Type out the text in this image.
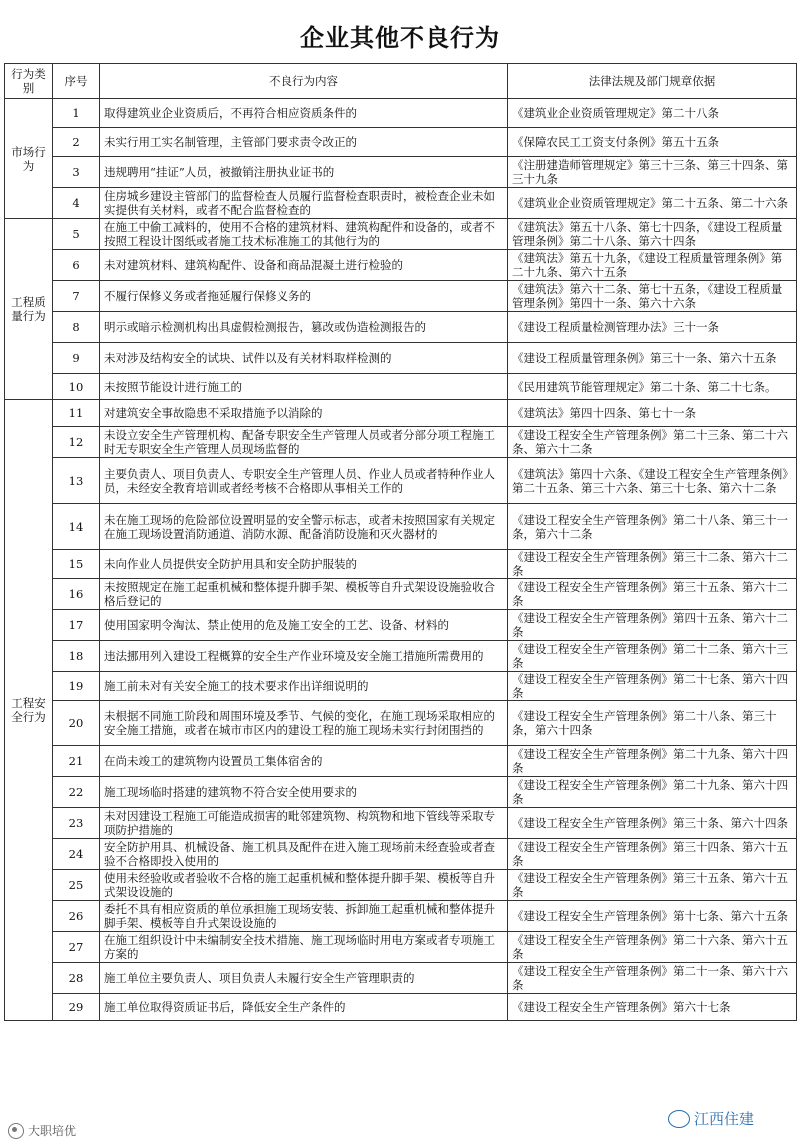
企业其他不良行为
行为类别	序号	不良行为内容	法律法规及部门规章依据
市场行为	1	取得建筑业企业资质后，不再符合相应资质条件的	《建筑业企业资质管理规定》第二十八条
	2	未实行用工实名制管理，主管部门要求责令改正的	《保障农民工工资支付条例》第五十五条
	3	违规聘用“挂证”人员，被撤销注册执业证书的	《注册建造师管理规定》第三十三条、第三十四条、第三十九条
	4	住房城乡建设主管部门的监督检查人员履行监督检查职责时，被检查企业未如实提供有关材料，或者不配合监督检查的	《建筑业企业资质管理规定》第二十五条、第二十六条
工程质量行为	5	在施工中偷工减料的，使用不合格的建筑材料、建筑构配件和设备的，或者不按照工程设计图纸或者施工技术标准施工的其他行为的	《建筑法》第五十八条、第七十四条，《建设工程质量管理条例》第二十八条、第六十四条
	6	未对建筑材料、建筑构配件、设备和商品混凝土进行检验的	《建筑法》第五十九条，《建设工程质量管理条例》第二十九条、第六十五条
	7	不履行保修义务或者拖延履行保修义务的	《建筑法》第六十二条、第七十五条，《建设工程质量管理条例》第四十一条、第六十六条
	8	明示或暗示检测机构出具虚假检测报告，篡改或伪造检测报告的	《建设工程质量检测管理办法》三十一条
	9	未对涉及结构安全的试块、试件以及有关材料取样检测的	《建设工程质量管理条例》第三十一条、第六十五条
	10	未按照节能设计进行施工的	《民用建筑节能管理规定》第二十条、第二十七条。
工程安全行为	11	对建筑安全事故隐患不采取措施予以消除的	《建筑法》第四十四条、第七十一条
	12	未设立安全生产管理机构、配备专职安全生产管理人员或者分部分项工程施工时无专职安全生产管理人员现场监督的	《建设工程安全生产管理条例》第二十三条、第二十六条、第六十二条
	13	主要负责人、项目负责人、专职安全生产管理人员、作业人员或者特种作业人员，未经安全教育培训或者经考核不合格即从事相关工作的	《建筑法》第四十六条、《建设工程安全生产管理条例》第二十五条、第三十六条、第三十七条、第六十二条
	14	未在施工现场的危险部位设置明显的安全警示标志，或者未按照国家有关规定在施工现场设置消防通道、消防水源、配备消防设施和灭火器材的	《建设工程安全生产管理条例》第二十八条、第三十一条，第六十二条
	15	未向作业人员提供安全防护用具和安全防护服装的	《建设工程安全生产管理条例》第三十二条、第六十二条
	16	未按照规定在施工起重机械和整体提升脚手架、模板等自升式架设设施验收合格后登记的	《建设工程安全生产管理条例》第三十五条、第六十二条
	17	使用国家明令淘汰、禁止使用的危及施工安全的工艺、设备、材料的	《建设工程安全生产管理条例》第四十五条、第六十二条
	18	违法挪用列入建设工程概算的安全生产作业环境及安全施工措施所需费用的	《建设工程安全生产管理条例》第二十二条、第六十三条
	19	施工前未对有关安全施工的技术要求作出详细说明的	《建设工程安全生产管理条例》第二十七条、第六十四条
	20	未根据不同施工阶段和周围环境及季节、气候的变化，在施工现场采取相应的安全施工措施，或者在城市市区内的建设工程的施工现场未实行封闭围挡的	《建设工程安全生产管理条例》第二十八条、第三十条，第六十四条
	21	在尚未竣工的建筑物内设置员工集体宿舍的	《建设工程安全生产管理条例》第二十九条、第六十四条
	22	施工现场临时搭建的建筑物不符合安全使用要求的	《建设工程安全生产管理条例》第二十九条、第六十四条
	23	未对因建设工程施工可能造成损害的毗邻建筑物、构筑物和地下管线等采取专项防护措施的	《建设工程安全生产管理条例》第三十条、第六十四条
	24	安全防护用具、机械设备、施工机具及配件在进入施工现场前未经查验或者查验不合格即投入使用的	《建设工程安全生产管理条例》第三十四条、第六十五条
	25	使用未经验收或者验收不合格的施工起重机械和整体提升脚手架、模板等自升式架设设施的	《建设工程安全生产管理条例》第三十五条、第六十五条
	26	委托不具有相应资质的单位承担施工现场安装、拆卸施工起重机械和整体提升脚手架、模板等自升式架设设施的	《建设工程安全生产管理条例》第十七条、第六十五条
	27	在施工组织设计中未编制安全技术措施、施工现场临时用电方案或者专项施工方案的	《建设工程安全生产管理条例》第二十六条、第六十五条
	28	施工单位主要负责人、项目负责人未履行安全生产管理职责的	《建设工程安全生产管理条例》第二十一条、第六十六条
	29	施工单位取得资质证书后，降低安全生产条件的	《建设工程安全生产管理条例》第六十七条
大职培优
江西住建
